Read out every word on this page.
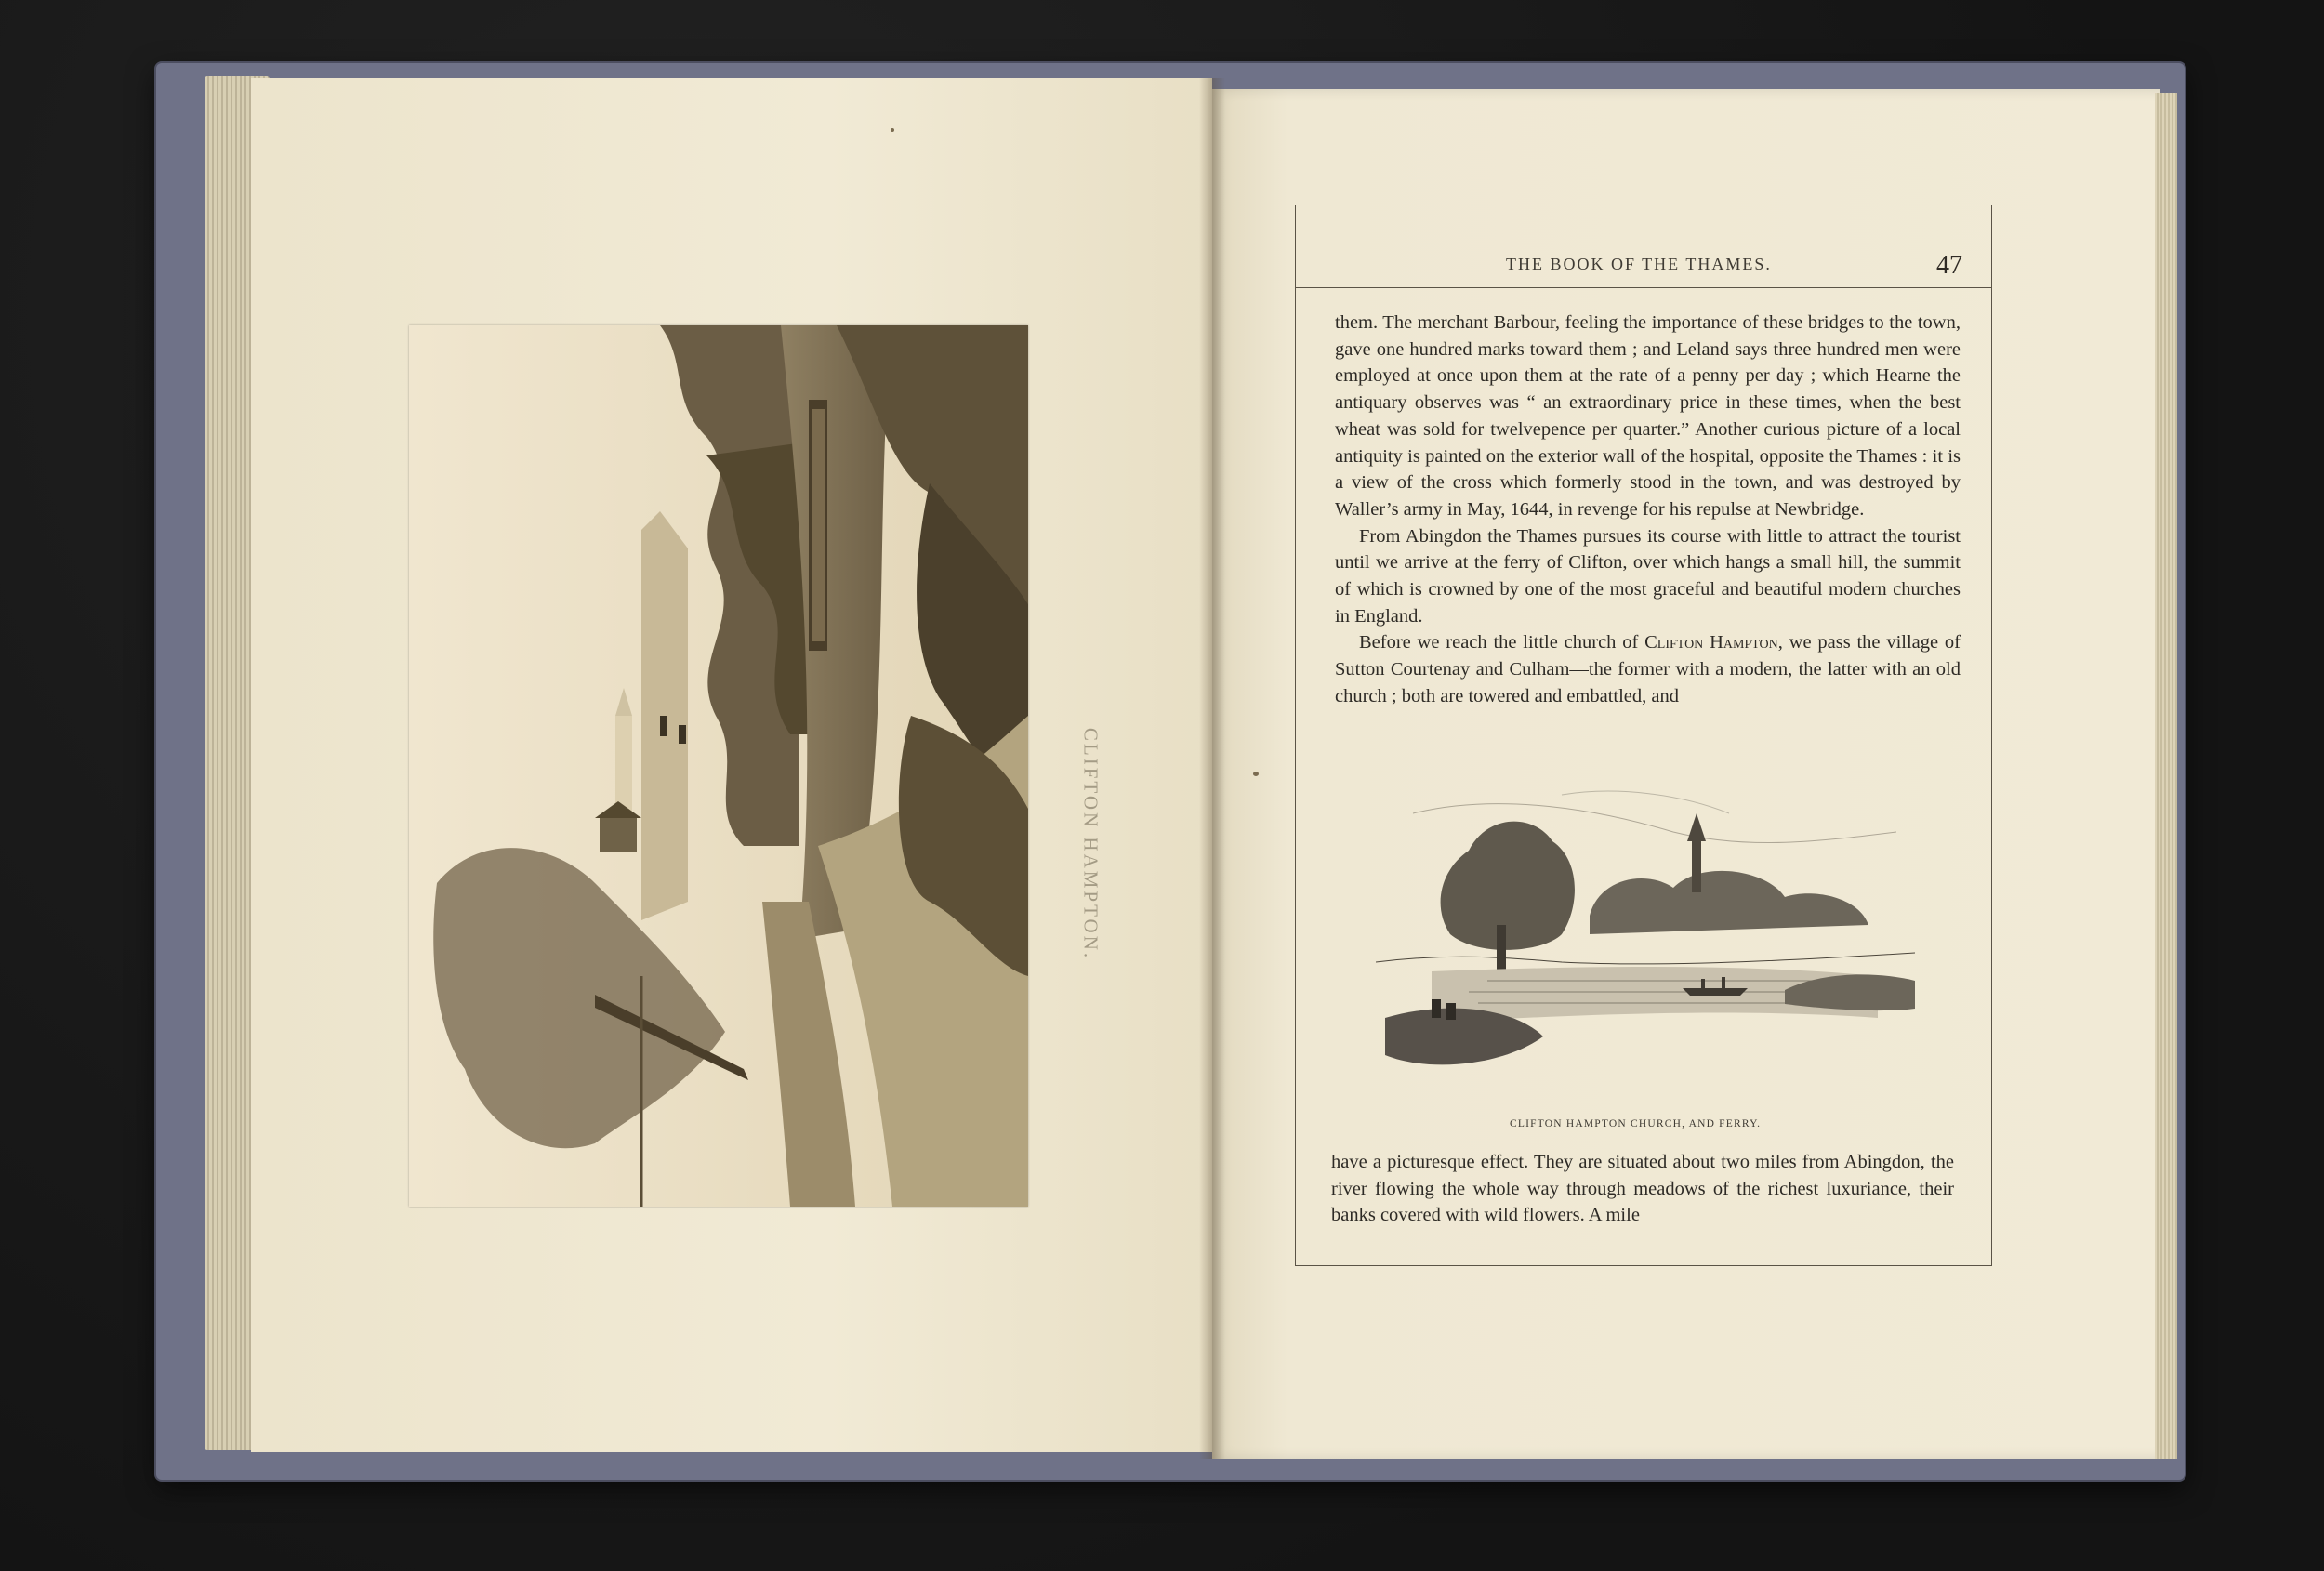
CLIFTON HAMPTON.
THE BOOK OF THE THAMES.	47

them. The merchant Barbour, feeling the importance of these bridges to the town, gave one hundred marks toward them ; and Leland says three hundred men were employed at once upon them at the rate of a penny per day ; which Hearne the antiquary observes was “ an extraordinary price in these times, when the best wheat was sold for twelvepence per quarter.” Another curious picture of a local antiquity is painted on the exterior wall of the hospital, opposite the Thames : it is a view of the cross which formerly stood in the town, and was destroyed by Waller’s army in May, 1644, in revenge for his repulse at Newbridge.

From Abingdon the Thames pursues its course with little to attract the tourist until we arrive at the ferry of Clifton, over which hangs a small hill, the summit of which is crowned by one of the most graceful and beautiful modern churches in England.

Before we reach the little church of Clifton Hampton, we pass the village of Sutton Courtenay and Culham—the former with a modern, the latter with an old church ; both are towered and embattled, and

CLIFTON HAMPTON CHURCH, AND FERRY.

have a picturesque effect. They are situated about two miles from Abingdon, the river flowing the whole way through meadows of the richest luxuriance, their banks covered with wild flowers. A mile
